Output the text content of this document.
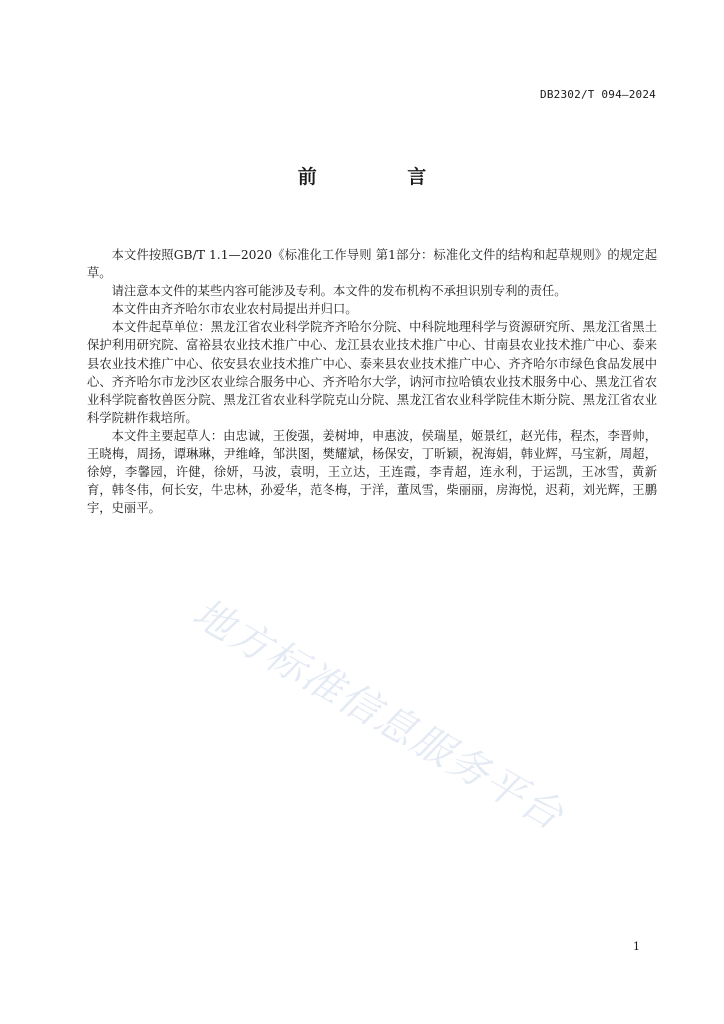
DB2302/T 094—2024
前 言

本文件按照GB/T 1.1—2020《标准化工作导则 第1部分：标准化文件的结构和起草规则》的规定起草。

请注意本文件的某些内容可能涉及专利。本文件的发布机构不承担识别专利的责任。

本文件由齐齐哈尔市农业农村局提出并归口。

本文件起草单位：黑龙江省农业科学院齐齐哈尔分院、中科院地理科学与资源研究所、黑龙江省黑土保护利用研究院、富裕县农业技术推广中心、龙江县农业技术推广中心、甘南县农业技术推广中心、泰来县农业技术推广中心、依安县农业技术推广中心、泰来县农业技术推广中心、齐齐哈尔市绿色食品发展中心、齐齐哈尔市龙沙区农业综合服务中心、齐齐哈尔大学，讷河市拉哈镇农业技术服务中心、黑龙江省农业科学院畜牧兽医分院、黑龙江省农业科学院克山分院、黑龙江省农业科学院佳木斯分院、黑龙江省农业科学院耕作栽培所。

本文件主要起草人：由忠诚，王俊强，姜树坤，申惠波，侯瑞星，姬景红，赵光伟，程杰，李晋帅，王晓梅，周扬，谭琳琳，尹维峰，邹洪图，樊耀斌，杨保安，丁昕颖，祝海娟，韩业辉，马宝新，周超，徐婷，李馨园，许健，徐妍，马波，袁明，王立达，王连霞，李青超，连永利，于运凯，王冰雪，黄新育，韩冬伟，何长安，牛忠林，孙爱华，范冬梅，于洋，董凤雪，柴丽丽，房海悦，迟莉，刘光辉，王鹏宇，史丽平。

地方标准信息服务平台
1
